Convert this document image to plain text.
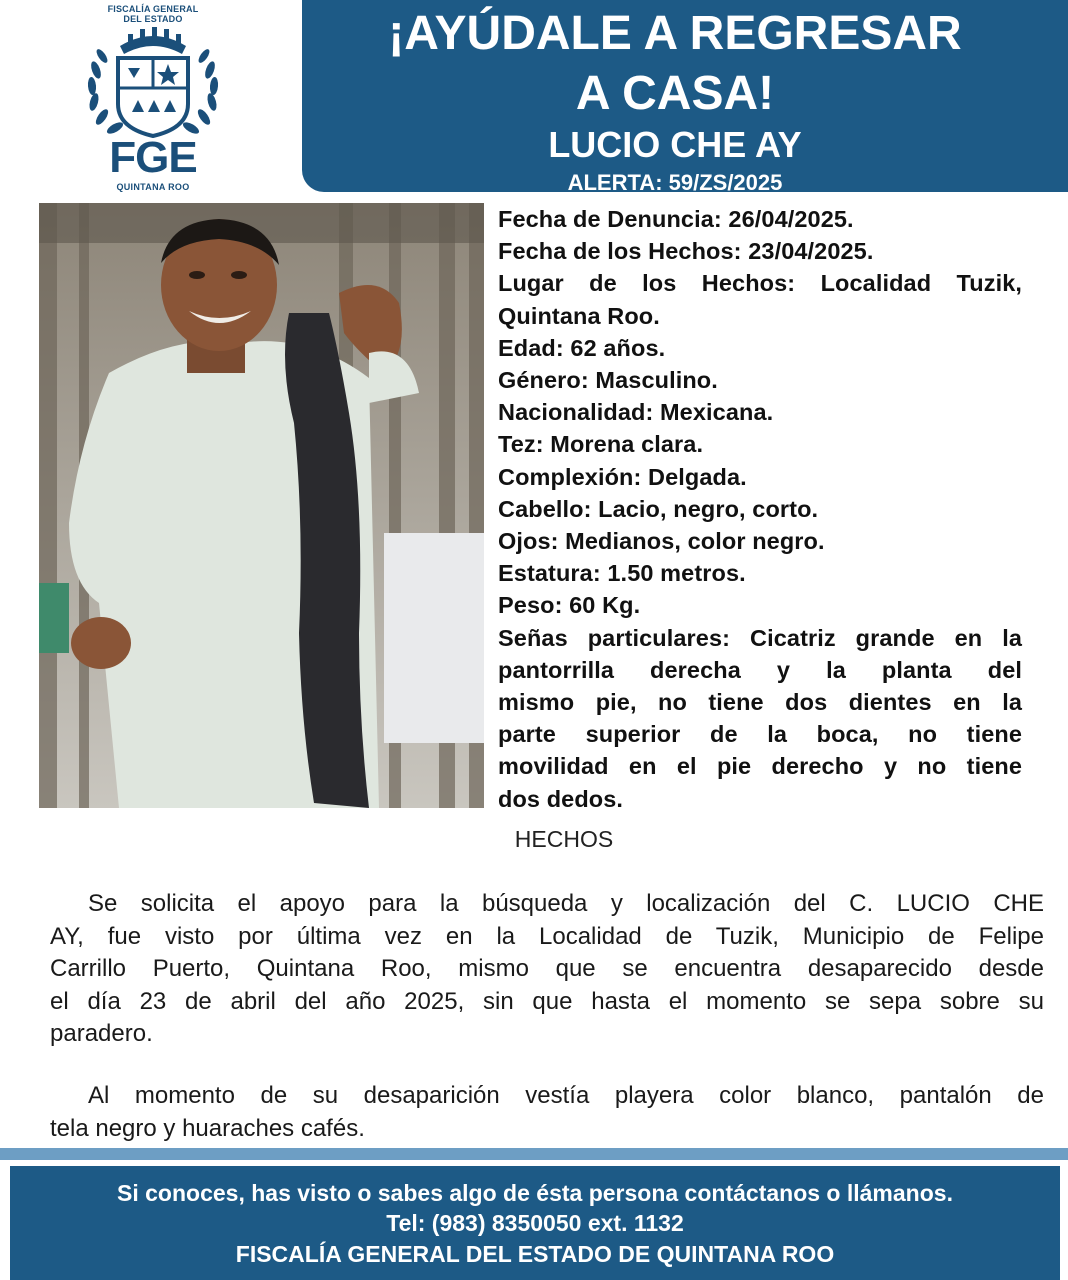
FISCALÍA GENERAL
DEL ESTADO
FGE
QUINTANA ROO
¡AYÚDALE A REGRESAR
A CASA!
LUCIO CHE AY
ALERTA: 59/ZS/2025
Fecha de Denuncia: 26/04/2025.
Fecha de los Hechos: 23/04/2025.
Lugar de los Hechos: Localidad Tuzik,
Quintana Roo.
Edad: 62 años.
Género: Masculino.
Nacionalidad: Mexicana.
Tez: Morena clara.
Complexión: Delgada.
Cabello: Lacio, negro, corto.
Ojos: Medianos, color negro.
Estatura: 1.50 metros.
Peso: 60 Kg.
Señas particulares: Cicatriz grande en la
pantorrilla derecha y la planta del
mismo pie, no tiene dos dientes en la
parte superior de la boca, no tiene
movilidad en el pie derecho y no tiene
dos dedos.
HECHOS
Se solicita el apoyo para la búsqueda y localización del C. LUCIO CHE
AY, fue visto por última vez en la Localidad de Tuzik, Municipio de Felipe
Carrillo Puerto, Quintana Roo, mismo que se encuentra desaparecido desde
el día 23 de abril del año 2025, sin que hasta el momento se sepa sobre su
paradero.
Al momento de su desaparición vestía playera color blanco, pantalón de
tela negro y huaraches cafés.
Si conoces, has visto o sabes algo de ésta persona contáctanos o llámanos.
Tel: (983) 8350050 ext. 1132
FISCALÍA GENERAL DEL ESTADO DE QUINTANA ROO
